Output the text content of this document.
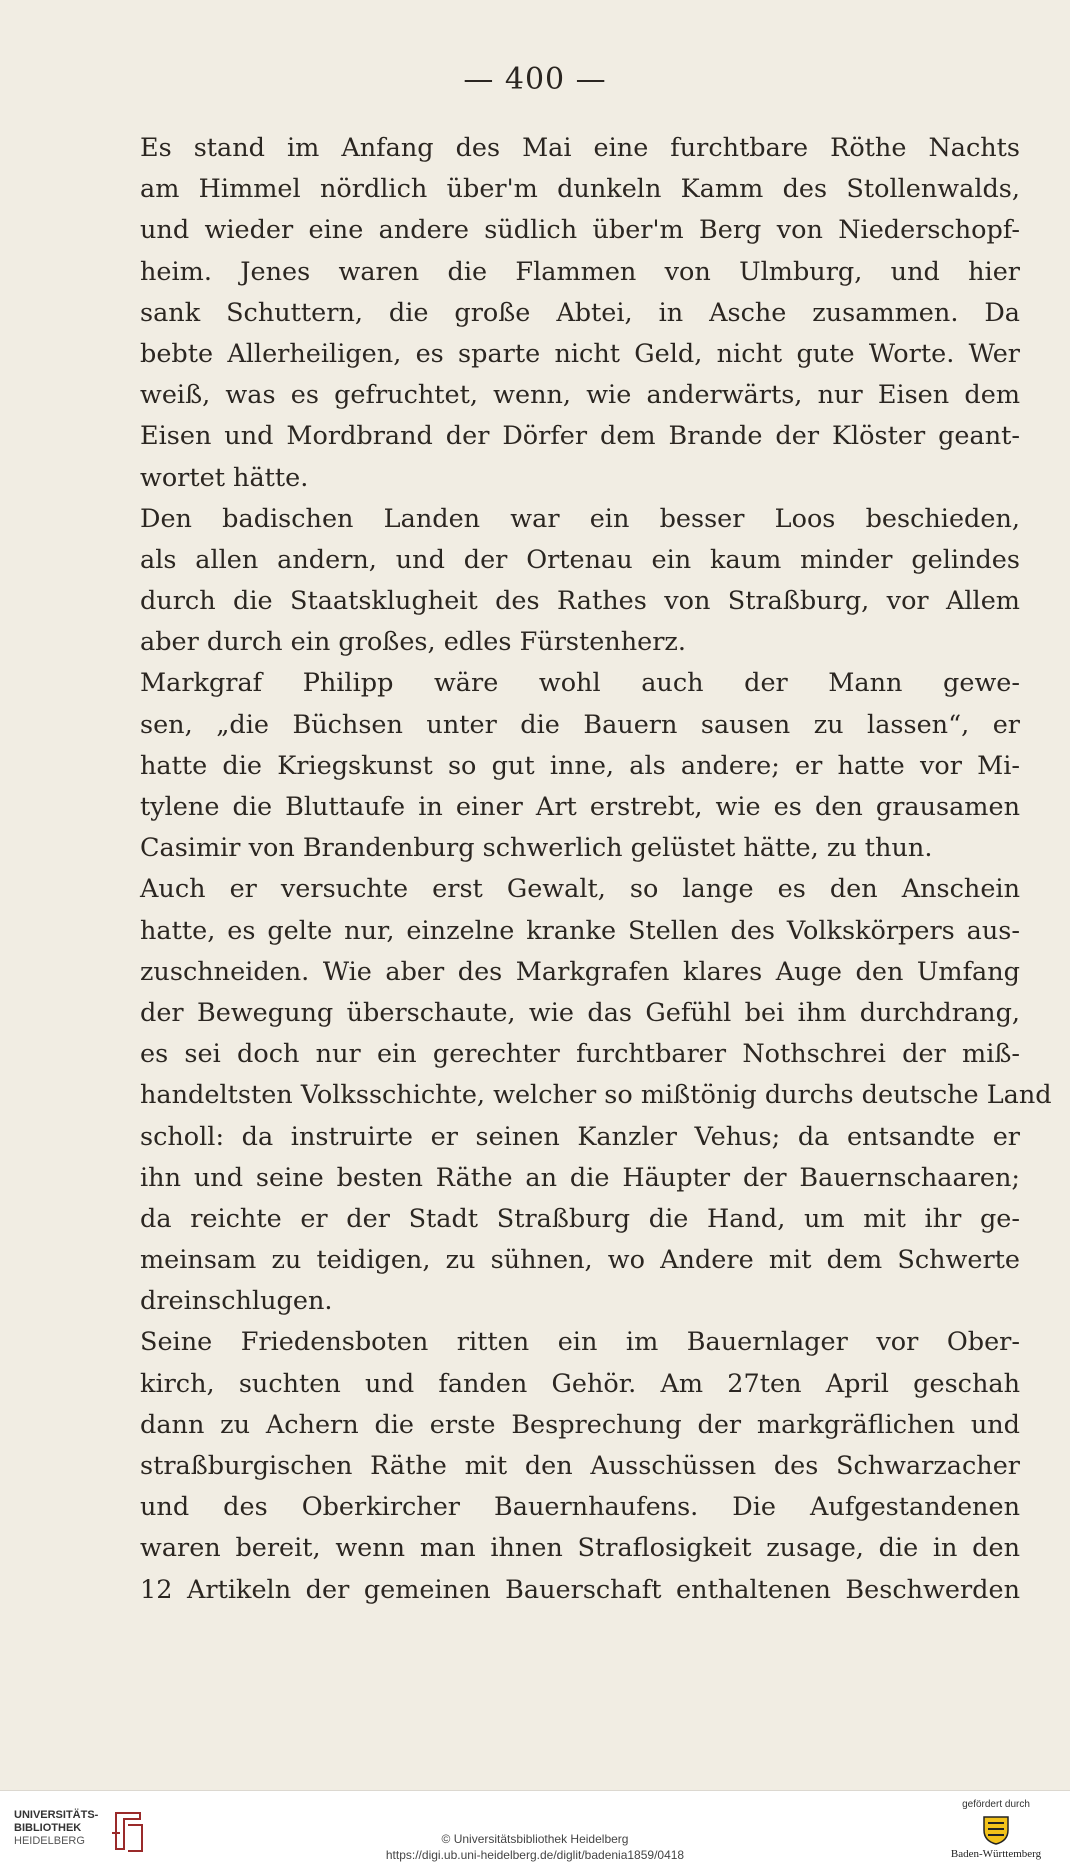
— 400 —
Es stand im Anfang des Mai eine furchtbare Röthe Nachts
am Himmel nördlich über'm dunkeln Kamm des Stollenwalds,
und wieder eine andere südlich über'm Berg von Niederschopf-
heim. Jenes waren die Flammen von Ulmburg, und hier
sank Schuttern, die große Abtei, in Asche zusammen. Da
bebte Allerheiligen, es sparte nicht Geld, nicht gute Worte. Wer
weiß, was es gefruchtet, wenn, wie anderwärts, nur Eisen dem
Eisen und Mordbrand der Dörfer dem Brande der Klöster geant-
wortet hätte.
Den badischen Landen war ein besser Loos beschieden,
als allen andern, und der Ortenau ein kaum minder gelindes
durch die Staatsklugheit des Rathes von Straßburg, vor Allem
aber durch ein großes, edles Fürstenherz.
Markgraf Philipp wäre wohl auch der Mann gewe-
sen, „die Büchsen unter die Bauern sausen zu lassen“, er
hatte die Kriegskunst so gut inne, als andere; er hatte vor Mi-
tylene die Bluttaufe in einer Art erstrebt, wie es den grausamen
Casimir von Brandenburg schwerlich gelüstet hätte, zu thun.
Auch er versuchte erst Gewalt, so lange es den Anschein
hatte, es gelte nur, einzelne kranke Stellen des Volkskörpers aus-
zuschneiden. Wie aber des Markgrafen klares Auge den Umfang
der Bewegung überschaute, wie das Gefühl bei ihm durchdrang,
es sei doch nur ein gerechter furchtbarer Nothschrei der miß-
handeltsten Volksschichte, welcher so mißtönig durchs deutsche Land
scholl: da instruirte er seinen Kanzler Vehus; da entsandte er
ihn und seine besten Räthe an die Häupter der Bauernschaaren;
da reichte er der Stadt Straßburg die Hand, um mit ihr ge-
meinsam zu teidigen, zu sühnen, wo Andere mit dem Schwerte
dreinschlugen.
Seine Friedensboten ritten ein im Bauernlager vor Ober-
kirch, suchten und fanden Gehör. Am 27ten April geschah
dann zu Achern die erste Besprechung der markgräflichen und
straßburgischen Räthe mit den Ausschüssen des Schwarzacher
und des Oberkircher Bauernhaufens. Die Aufgestandenen
waren bereit, wenn man ihnen Straflosigkeit zusage, die in den
12 Artikeln der gemeinen Bauerschaft enthaltenen Beschwerden
UNIVERSITÄTS-
BIBLIOTHEK
HEIDELBERG	© Universitätsbibliothek Heidelberg
https://digi.ub.uni-heidelberg.de/diglit/badenia1859/0418
gefördert durch
Baden-Württemberg
